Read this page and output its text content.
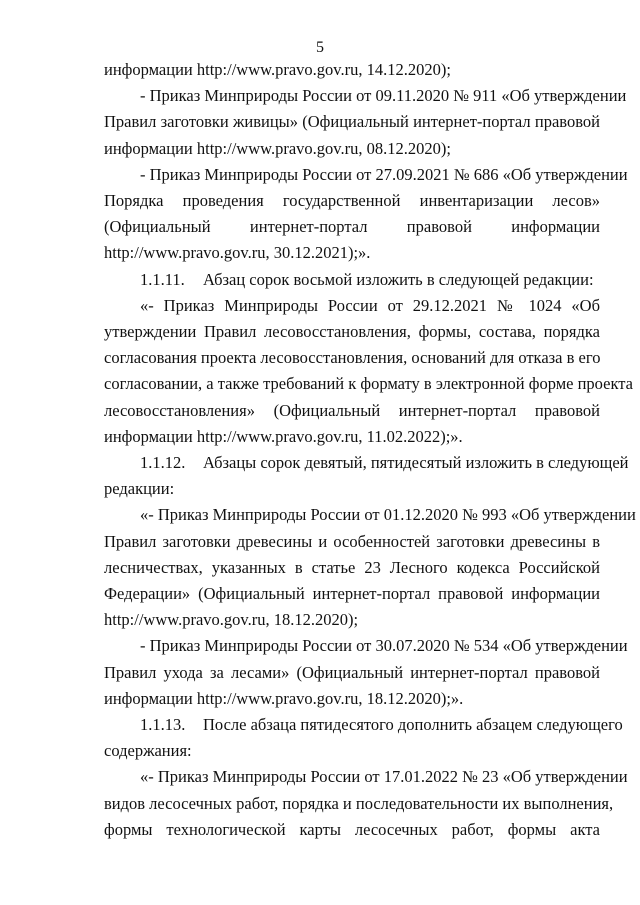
5
информации http://www.pravo.gov.ru, 14.12.2020);
- Приказ Минприроды России от 09.11.2020 № 911 «Об утверждении
Правил заготовки живицы» (Официальный интернет-портал правовой
информации http://www.pravo.gov.ru, 08.12.2020);
- Приказ Минприроды России от 27.09.2021 № 686 «Об утверждении
Порядка проведения государственной инвентаризации лесов»
(Официальный интернет-портал правовой информации
http://www.pravo.gov.ru, 30.12.2021);».
1.1.11. Абзац сорок восьмой изложить в следующей редакции:
«- Приказ Минприроды России от 29.12.2021 № 1024 «Об
утверждении Правил лесовосстановления, формы, состава, порядка
согласования проекта лесовосстановления, оснований для отказа в его
согласовании, а также требований к формату в электронной форме проекта
лесовосстановления» (Официальный интернет-портал правовой
информации http://www.pravo.gov.ru, 11.02.2022);».
1.1.12. Абзацы сорок девятый, пятидесятый изложить в следующей
редакции:
«- Приказ Минприроды России от 01.12.2020 № 993 «Об утверждении
Правил заготовки древесины и особенностей заготовки древесины в
лесничествах, указанных в статье 23 Лесного кодекса Российской
Федерации» (Официальный интернет-портал правовой информации
http://www.pravo.gov.ru, 18.12.2020);
- Приказ Минприроды России от 30.07.2020 № 534 «Об утверждении
Правил ухода за лесами» (Официальный интернет-портал правовой
информации http://www.pravo.gov.ru, 18.12.2020);».
1.1.13. После абзаца пятидесятого дополнить абзацем следующего
содержания:
«- Приказ Минприроды России от 17.01.2022 № 23 «Об утверждении
видов лесосечных работ, порядка и последовательности их выполнения,
формы технологической карты лесосечных работ, формы акта
